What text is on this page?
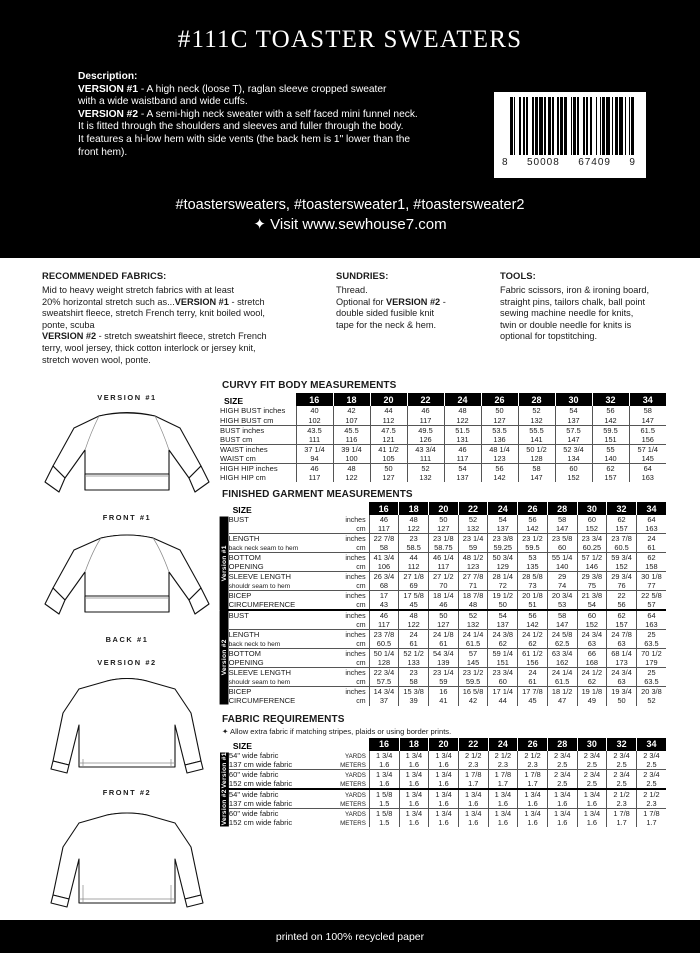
#111C TOASTER SWEATERS
Description:
VERSION #1 - A high neck (loose T), raglan sleeve cropped sweater
with a wide waistband and wide cuffs.
VERSION #2 - A semi-high neck sweater with a self faced mini funnel neck.
It is fitted through the shoulders and sleeves and fuller through the body.
It features a hi-low hem with side vents (the back hem is 1" lower than the
front hem).
8 50008 67409 9
#toastersweaters, #toastersweater1, #toastersweater2
✦ Visit www.sewhouse7.com
RECOMMENDED FABRICS:

Mid to heavy weight stretch fabrics with at least
20% horizontal stretch such as...VERSION #1 - stretch
sweatshirt fleece, stretch French terry, knit boiled wool,
ponte, scuba
VERSION #2 - stretch sweatshirt fleece, stretch French
terry, wool jersey, thick cotton interlock or jersey knit,
stretch woven wool, ponte.

SUNDRIES:

Thread.
Optional for VERSION #2 -
double sided fusible knit
tape for the neck & hem.

TOOLS:

Fabric scissors, iron & ironing board,
straight pins, tailors chalk, ball point
sewing machine needle for knits,
twin or double needle for knits is
optional for topstitching.

VERSION #1
FRONT #1
BACK #1
VERSION #2
FRONT #2
CURVY FIT BODY MEASUREMENTS
SIZE	16	18	20	22	24	26	28	30	32	34
HIGH BUST inches	40	42	44	46	48	50	52	54	56	58
HIGH BUST cm	102	107	112	117	122	127	132	137	142	147
BUST inches	43.5	45.5	47.5	49.5	51.5	53.5	55.5	57.5	59.5	61.5
BUST cm	111	116	121	126	131	136	141	147	151	156
WAIST inches	37 1/4	39 1/4	41 1/2	43 3/4	46	48 1/4	50 1/2	52 3/4	55	57 1/4
WAIST cm	94	100	105	111	117	123	128	134	140	145
HIGH HIP inches	46	48	50	52	54	56	58	60	62	64
HIGH HIP cm	117	122	127	132	137	142	147	152	157	163
FINISHED GARMENT MEASUREMENTS
	SIZE	16	18	20	22	24	26	28	30	32	34
Version #1	BUST inches	46	48	50	52	54	56	58	60	62	64
	cm	117	122	127	132	137	142	147	152	157	163
	LENGTH inches	22 7/8	23	23 1/8	23 1/4	23 3/8	23 1/2	23 5/8	23 3/4	23 7/8	24
	back neck seam to hem cm	58	58.5	58.75	59	59.25	59.5	60	60.25	60.5	61
	BOTTOM inches	41 3/4	44	46 1/4	48 1/2	50 3/4	53	55 1/4	57 1/2	59 3/4	62
	OPENING cm	106	112	117	123	129	135	140	146	152	158
	SLEEVE LENGTH inches	26 3/4	27 1/8	27 1/2	27 7/8	28 1/4	28 5/8	29	29 3/8	29 3/4	30 1/8
	shouldr seam to hem cm	68	69	70	71	72	73	74	75	76	77
	BICEP inches	17	17 5/8	18 1/4	18 7/8	19 1/2	20 1/8	20 3/4	21 3/8	22	22 5/8
	CIRCUMFERENCE cm	43	45	46	48	50	51	53	54	56	57
Version #2	BUST inches	46	48	50	52	54	56	58	60	62	64
	cm	117	122	127	132	137	142	147	152	157	163
	LENGTH inches	23 7/8	24	24 1/8	24 1/4	24 3/8	24 1/2	24 5/8	24 3/4	24 7/8	25
	back neck to hem cm	60.5	61	61	61.5	62	62	62.5	63	63	63.5
	BOTTOM inches	50 1/4	52 1/2	54 3/4	57	59 1/4	61 1/2	63 3/4	66	68 1/4	70 1/2
	OPENING cm	128	133	139	145	151	156	162	168	173	179
	SLEEVE LENGTH inches	22 3/4	23	23 1/4	23 1/2	23 3/4	24	24 1/4	24 1/2	24 3/4	25
	shouldr seam to hem cm	57.5	58	59	59.5	60	61	61.5	62	63	63.5
	BICEP inches	14 3/4	15 3/8	16	16 5/8	17 1/4	17 7/8	18 1/2	19 1/8	19 3/4	20 3/8
	CIRCUMFERENCE cm	37	39	41	42	44	45	47	49	50	52
FABRIC REQUIREMENTS
✦ Allow extra fabric if matching stripes, plaids or using border prints.
	SIZE	16	18	20	22	24	26	28	30	32	34
Version #1	54" wide fabric YARDS	1 3/4	1 3/4	1 3/4	2 1/2	2 1/2	2 1/2	2 3/4	2 3/4	2 3/4	2 3/4
	137 cm wide fabric METERS	1.6	1.6	1.6	2.3	2.3	2.3	2.5	2.5	2.5	2.5
	60" wide fabric YARDS	1 3/4	1 3/4	1 3/4	1 7/8	1 7/8	1 7/8	2 3/4	2 3/4	2 3/4	2 3/4
	152 cm wide fabric METERS	1.6	1.6	1.6	1.7	1.7	1.7	2.5	2.5	2.5	2.5
Version #2	54" wide fabric YARDS	1 5/8	1 3/4	1 3/4	1 3/4	1 3/4	1 3/4	1 3/4	1 3/4	2 1/2	2 1/2
	137 cm wide fabric METERS	1.5	1.6	1.6	1.6	1.6	1.6	1.6	1.6	2.3	2.3
	60" wide fabric YARDS	1 5/8	1 3/4	1 3/4	1 3/4	1 3/4	1 3/4	1 3/4	1 3/4	1 7/8	1 7/8
	152 cm wide fabric METERS	1.5	1.6	1.6	1.6	1.6	1.6	1.6	1.6	1.7	1.7
printed on 100% recycled paper
